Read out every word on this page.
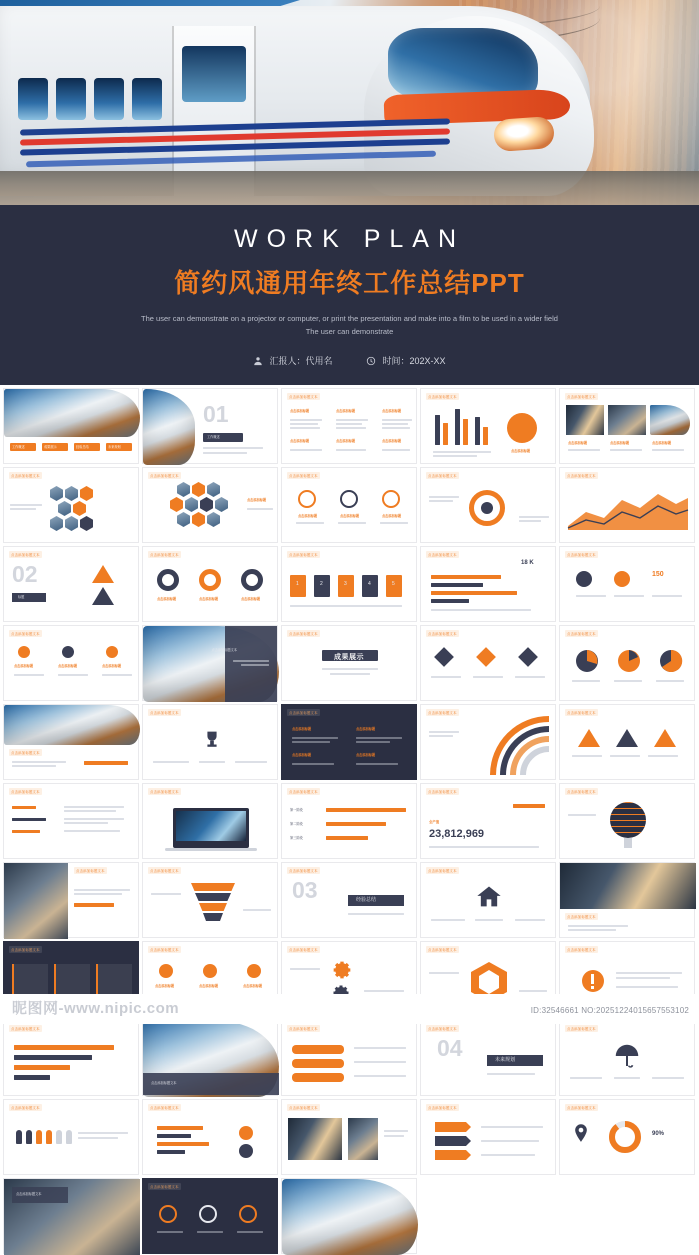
WORK PLAN
简约风通用年终工作总结PPT
The user can demonstrate on a projector or computer, or print the presentation and make into a film to be used in a wider field The user can demonstrate
汇报人：代用名	时间：202X-XX
工作概述	成果展示	经验总结	未来规划
01
工作概述
点击添加标题文本
点击添加标题	点击添加标题	点击添加标题
点击添加标题	点击添加标题	点击添加标题
点击添加标题文本
点击添加标题
点击添加标题文本
点击添加标题	点击添加标题	点击添加标题
点击添加标题文本	点击添加标题文本
点击添加标题
点击添加标题文本
点击添加标题	点击添加标题	点击添加标题
点击添加标题文本	点击添加标题文本
点击添加标题文本
02
标题
点击添加标题文本
点击添加标题	点击添加标题	点击添加标题
点击添加标题文本
1	2	3	4	5
点击添加标题文本
18 K
点击添加标题文本
150
点击添加标题文本
点击添加标题	点击添加标题	点击添加标题
点击添加标题文本
点击添加标题文本
成果展示
点击添加标题文本	点击添加标题文本
点击添加标题文本
点击添加标题文本	点击添加标题文本
点击添加标题	点击添加标题
点击添加标题	点击添加标题
点击添加标题文本	点击添加标题文本
点击添加标题文本	点击添加标题文本	点击添加标题文本
第一阶段
第二阶段
第三阶段
点击添加标题文本
全产值
23,812,969
点击添加标题文本
点击添加标题文本	点击添加标题文本	点击添加标题文本
03	经验总结
点击添加标题文本
点击添加标题文本
点击添加标题文本	点击添加标题文本
点击添加标题	点击添加标题	点击添加标题
点击添加标题文本	点击添加标题文本	点击添加标题文本
点击添加标题文本
点击添加标题文本
点击添加标题文本	点击添加标题文本
04	未来规划
点击添加标题文本
点击添加标题文本	点击添加标题文本	点击添加标题文本	点击添加标题文本	点击添加标题文本
90%
点击添加标题文本
点击添加标题文本
昵图网-www.nipic.com	ID:32546661 NO:20251224015657553102
